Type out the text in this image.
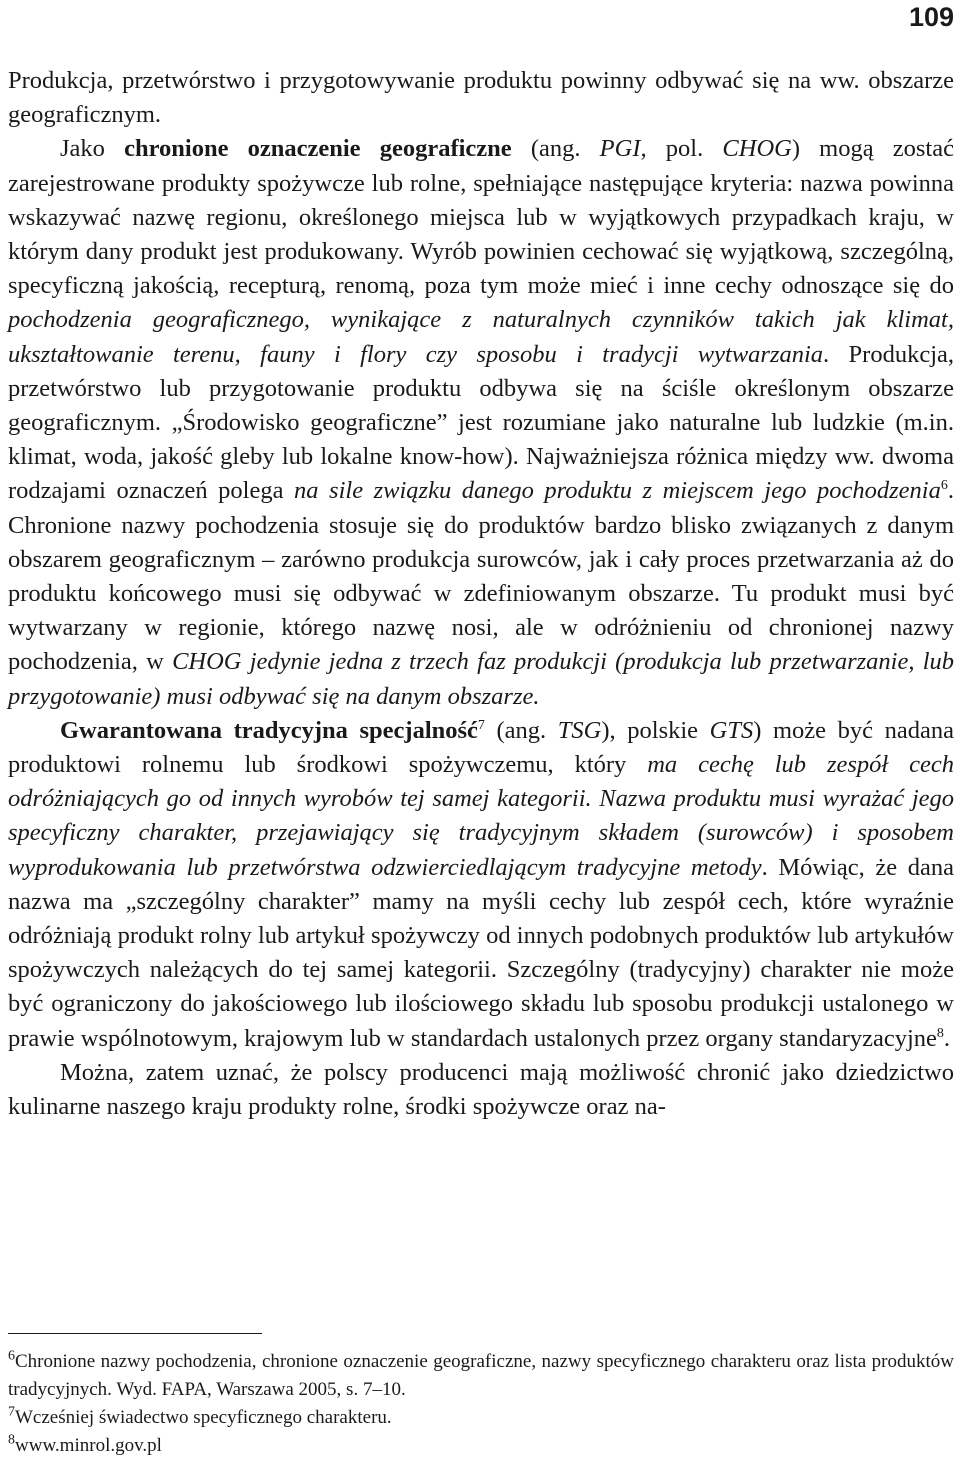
109

Produkcja, przetwórstwo i przygotowywanie produktu powinny odbywać się na ww. obszarze geograficznym.

Jako chronione oznaczenie geograficzne (ang. PGI, pol. CHOG) mogą zostać zarejestrowane produkty spożywcze lub rolne, spełniające następujące kryteria: nazwa powinna wskazywać nazwę regionu, określonego miejsca lub w wyjątkowych przypadkach kraju, w którym dany produkt jest produkowany. Wyrób powinien cechować się wyjątkową, szczególną, specyficzną jakością, recepturą, renomą, poza tym może mieć i inne cechy odnoszące się do pochodzenia geograficznego, wynikające z naturalnych czynników takich jak klimat, ukształtowanie terenu, fauny i flory czy sposobu i tradycji wytwarzania. Produkcja, przetwórstwo lub przygotowanie produktu odbywa się na ściśle określonym obszarze geograficznym. „Środowisko geograficzne” jest rozumiane jako naturalne lub ludzkie (m.in. klimat, woda, jakość gleby lub lokalne know-how). Najważniejsza różnica między ww. dwoma rodzajami oznaczeń polega na sile związku danego produktu z miejscem jego pochodzenia$^6$. Chronione nazwy pochodzenia stosuje się do produktów bardzo blisko związanych z danym obszarem geograficznym – zarówno produkcja surowców, jak i cały proces przetwarzania aż do produktu końcowego musi się odbywać w zdefiniowanym obszarze. Tu produkt musi być wytwarzany w regionie, którego nazwę nosi, ale w odróżnieniu od chronionej nazwy pochodzenia, w CHOG jedynie jedna z trzech faz produkcji (produkcja lub przetwarzanie, lub przygotowanie) musi odbywać się na danym obszarze.

Gwarantowana tradycyjna specjalność$^7$ (ang. TSG), polskie GTS) może być nadana produktowi rolnemu lub środkowi spożywczemu, który ma cechę lub zespół cech odróżniających go od innych wyrobów tej samej kategorii. Nazwa produktu musi wyrażać jego specyficzny charakter, przejawiający się tradycyjnym składem (surowców) i sposobem wyprodukowania lub przetwórstwa odzwierciedlającym tradycyjne metody. Mówiąc, że dana nazwa ma „szczególny charakter” mamy na myśli cechy lub zespół cech, które wyraźnie odróżniają produkt rolny lub artykuł spożywczy od innych podobnych produktów lub artykułów spożywczych należących do tej samej kategorii. Szczególny (tradycyjny) charakter nie może być ograniczony do jakościowego lub ilościowego składu lub sposobu produkcji ustalonego w prawie wspólnotowym, krajowym lub w standardach ustalonych przez organy standaryzacyjne$^8$.

Można, zatem uznać, że polscy producenci mają możliwość chronić jako dziedzictwo kulinarne naszego kraju produkty rolne, środki spożywcze oraz na-

$^6$Chronione nazwy pochodzenia, chronione oznaczenie geograficzne, nazwy specyficznego charakteru oraz lista produktów tradycyjnych. Wyd. FAPA, Warszawa 2005, s. 7–10.

$^7$Wcześniej świadectwo specyficznego charakteru.

$^8$www.minrol.gov.pl
